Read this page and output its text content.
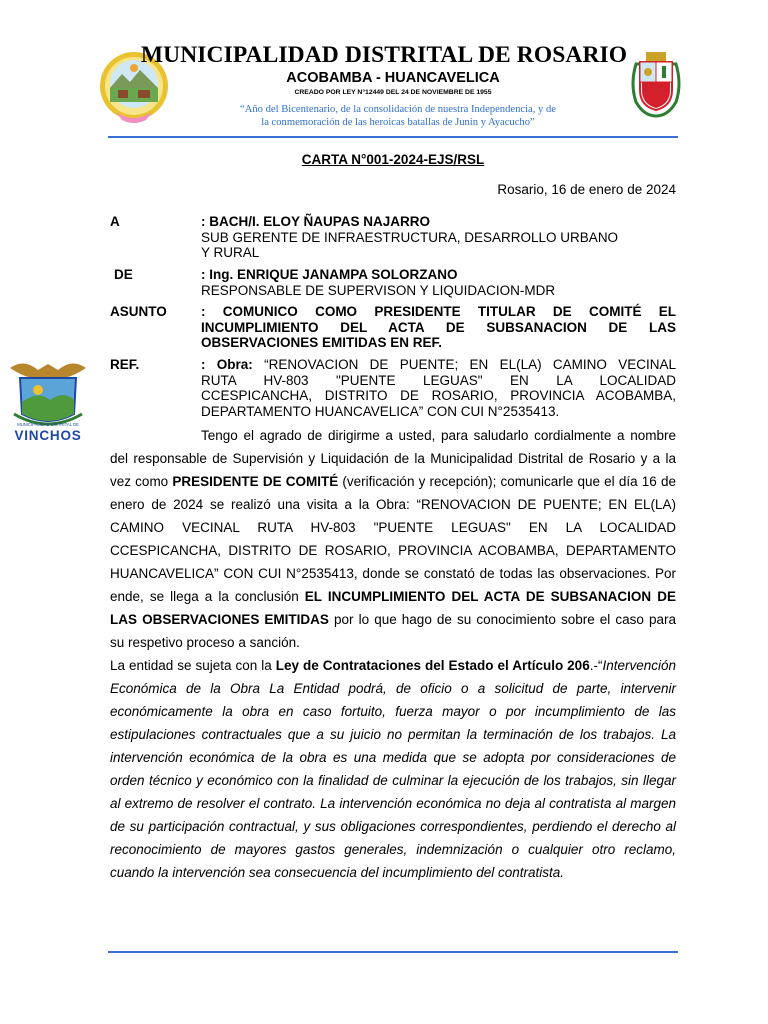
MUNICIPALIDAD DISTRITAL DE ROSARIO
ACOBAMBA - HUANCAVELICA
CREADO POR LEY N°12449 DEL 24 DE NOVIEMBRE DE 1955
“Año del Bicentenario, de la consolidación de nuestra Independencia, y de
la conmemoración de las heroicas batallas de Junín y Ayacucho”
MUNICIPALIDAD DISTRITAL DE
VINCHOS
CARTA N°001-2024-EJS/RSL
Rosario, 16 de enero de 2024
A	: BACH/I. ELOY ÑAUPAS NAJARRO
SUB GERENTE DE INFRAESTRUCTURA, DESARROLLO URBANO
Y RURAL
DE	: Ing. ENRIQUE JANAMPA SOLORZANO
RESPONSABLE DE SUPERVISON Y LIQUIDACION-MDR
ASUNTO	: COMUNICO COMO PRESIDENTE TITULAR DE COMITÉ EL
INCUMPLIMIENTO DEL ACTA DE SUBSANACION DE LAS
OBSERVACIONES EMITIDAS EN REF.
REF.	: Obra: “RENOVACION DE PUENTE; EN EL(LA) CAMINO VECINAL
RUTA HV-803 "PUENTE LEGUAS" EN LA LOCALIDAD
CCESPICANCHA, DISTRITO DE ROSARIO, PROVINCIA ACOBAMBA,
DEPARTAMENTO HUANCAVELICA” CON CUI N°2535413.

Tengo el agrado de dirigirme a usted, para saludarlo cordialmente a nombre del responsable de Supervisión y Liquidación de la Municipalidad Distrital de Rosario y a la vez como PRESIDENTE DE COMITÉ (verificación y recepción); comunicarle que el día 16 de enero de 2024 se realizó una visita a la Obra: “RENOVACION DE PUENTE; EN EL(LA) CAMINO VECINAL RUTA HV-803 "PUENTE LEGUAS" EN LA LOCALIDAD CCESPICANCHA, DISTRITO DE ROSARIO, PROVINCIA ACOBAMBA, DEPARTAMENTO HUANCAVELICA” CON CUI N°2535413, donde se constató de todas las observaciones. Por ende, se llega a la conclusión EL INCUMPLIMIENTO DEL ACTA DE SUBSANACION DE LAS OBSERVACIONES EMITIDAS por lo que hago de su conocimiento sobre el caso para su respetivo proceso a sanción.

La entidad se sujeta con la Ley de Contrataciones del Estado el Artículo 206.-“Intervención Económica de la Obra La Entidad podrá, de oficio o a solicitud de parte, intervenir económicamente la obra en caso fortuito, fuerza mayor o por incumplimiento de las estipulaciones contractuales que a su juicio no permitan la terminación de los trabajos. La intervención económica de la obra es una medida que se adopta por consideraciones de orden técnico y económico con la finalidad de culminar la ejecución de los trabajos, sin llegar al extremo de resolver el contrato. La intervención económica no deja al contratista al margen de su participación contractual, y sus obligaciones correspondientes, perdiendo el derecho al reconocimiento de mayores gastos generales, indemnización o cualquier otro reclamo, cuando la intervención sea consecuencia del incumplimiento del contratista.
